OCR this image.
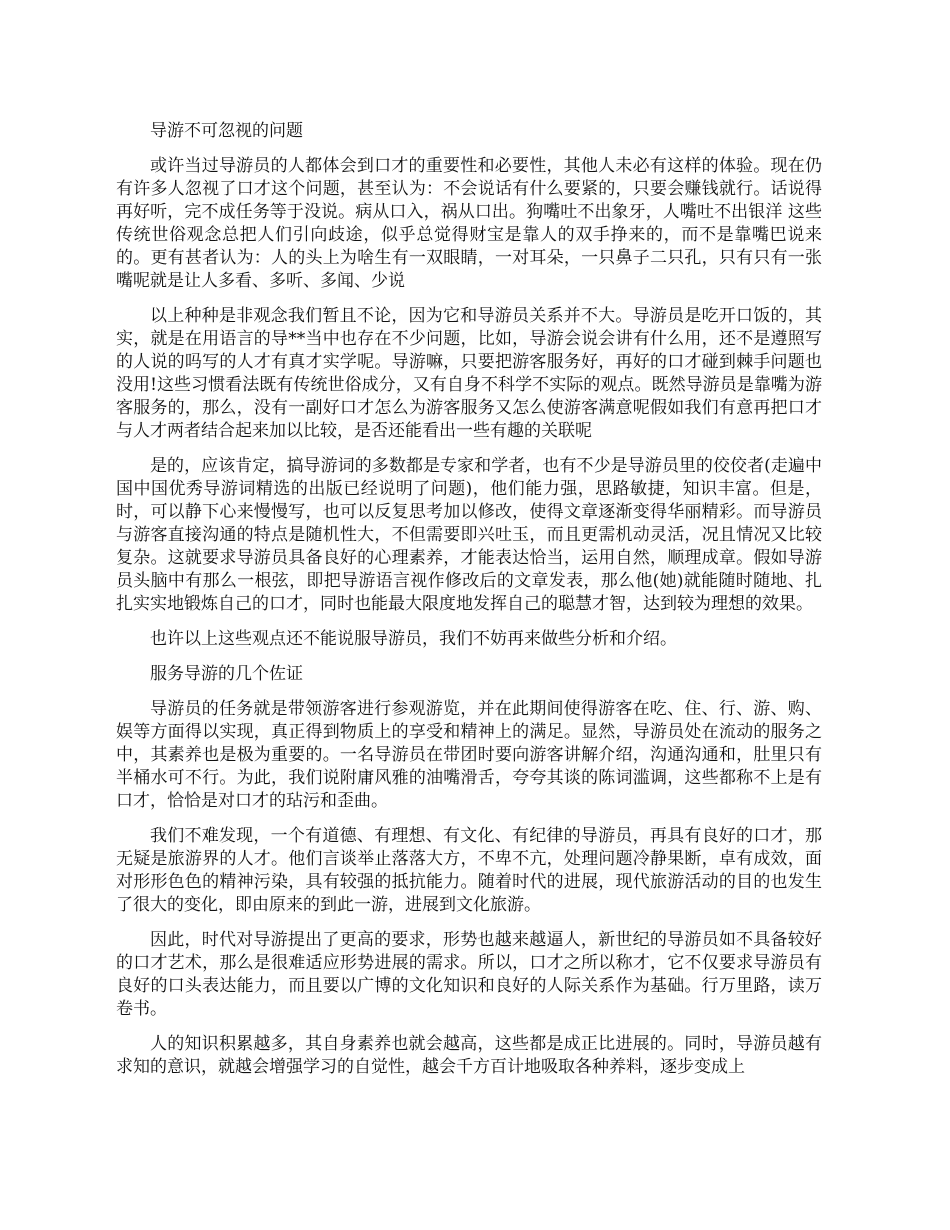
导游不可忽视的问题

或许当过导游员的人都体会到口才的重要性和必要性，其他人未必有这样的体验。现在仍有许多人忽视了口才这个问题，甚至认为：不会说话有什么要紧的，只要会赚钱就行。话说得再好听，完不成任务等于没说。病从口入，祸从口出。狗嘴吐不出象牙，人嘴吐不出银洋 这些传统世俗观念总把人们引向歧途，似乎总觉得财宝是靠人的双手挣来的，而不是靠嘴巴说来的。更有甚者认为：人的头上为啥生有一双眼睛，一对耳朵，一只鼻子二只孔，只有只有一张嘴呢就是让人多看、多听、多闻、少说

以上种种是非观念我们暂且不论，因为它和导游员关系并不大。导游员是吃开口饭的，其实，就是在用语言的导**当中也存在不少问题，比如，导游会说会讲有什么用，还不是遵照写的人说的吗写的人才有真才实学呢。导游嘛，只要把游客服务好，再好的口才碰到棘手问题也没用!这些习惯看法既有传统世俗成分，又有自身不科学不实际的观点。既然导游员是靠嘴为游客服务的，那么，没有一副好口才怎么为游客服务又怎么使游客满意呢假如我们有意再把口才与人才两者结合起来加以比较，是否还能看出一些有趣的关联呢

是的，应该肯定，搞导游词的多数都是专家和学者，也有不少是导游员里的佼佼者(走遍中国中国优秀导游词精选的出版已经说明了问题)，他们能力强，思路敏捷，知识丰富。但是，时，可以静下心来慢慢写，也可以反复思考加以修改，使得文章逐渐变得华丽精彩。而导游员与游客直接沟通的特点是随机性大，不但需要即兴吐玉，而且更需机动灵活，况且情况又比较复杂。这就要求导游员具备良好的心理素养，才能表达恰当，运用自然，顺理成章。假如导游员头脑中有那么一根弦，即把导游语言视作修改后的文章发表，那么他(她)就能随时随地、扎扎实实地锻炼自己的口才，同时也能最大限度地发挥自己的聪慧才智，达到较为理想的效果。

也许以上这些观点还不能说服导游员，我们不妨再来做些分析和介绍。

服务导游的几个佐证

导游员的任务就是带领游客进行参观游览，并在此期间使得游客在吃、住、行、游、购、娱等方面得以实现，真正得到物质上的享受和精神上的满足。显然，导游员处在流动的服务之中，其素养也是极为重要的。一名导游员在带团时要向游客讲解介绍，沟通沟通和，肚里只有半桶水可不行。为此，我们说附庸风雅的油嘴滑舌，夸夸其谈的陈词滥调，这些都称不上是有口才，恰恰是对口才的玷污和歪曲。

我们不难发现，一个有道德、有理想、有文化、有纪律的导游员，再具有良好的口才，那无疑是旅游界的人才。他们言谈举止落落大方，不卑不亢，处理问题冷静果断，卓有成效，面对形形色色的精神污染，具有较强的抵抗能力。随着时代的进展，现代旅游活动的目的也发生了很大的变化，即由原来的到此一游，进展到文化旅游。

因此，时代对导游提出了更高的要求，形势也越来越逼人，新世纪的导游员如不具备较好的口才艺术，那么是很难适应形势进展的需求。所以，口才之所以称才，它不仅要求导游员有良好的口头表达能力，而且要以广博的文化知识和良好的人际关系作为基础。行万里路，读万卷书。

人的知识积累越多，其自身素养也就会越高，这些都是成正比进展的。同时，导游员越有求知的意识，就越会增强学习的自觉性，越会千方百计地吸取各种养料，逐步变成上
